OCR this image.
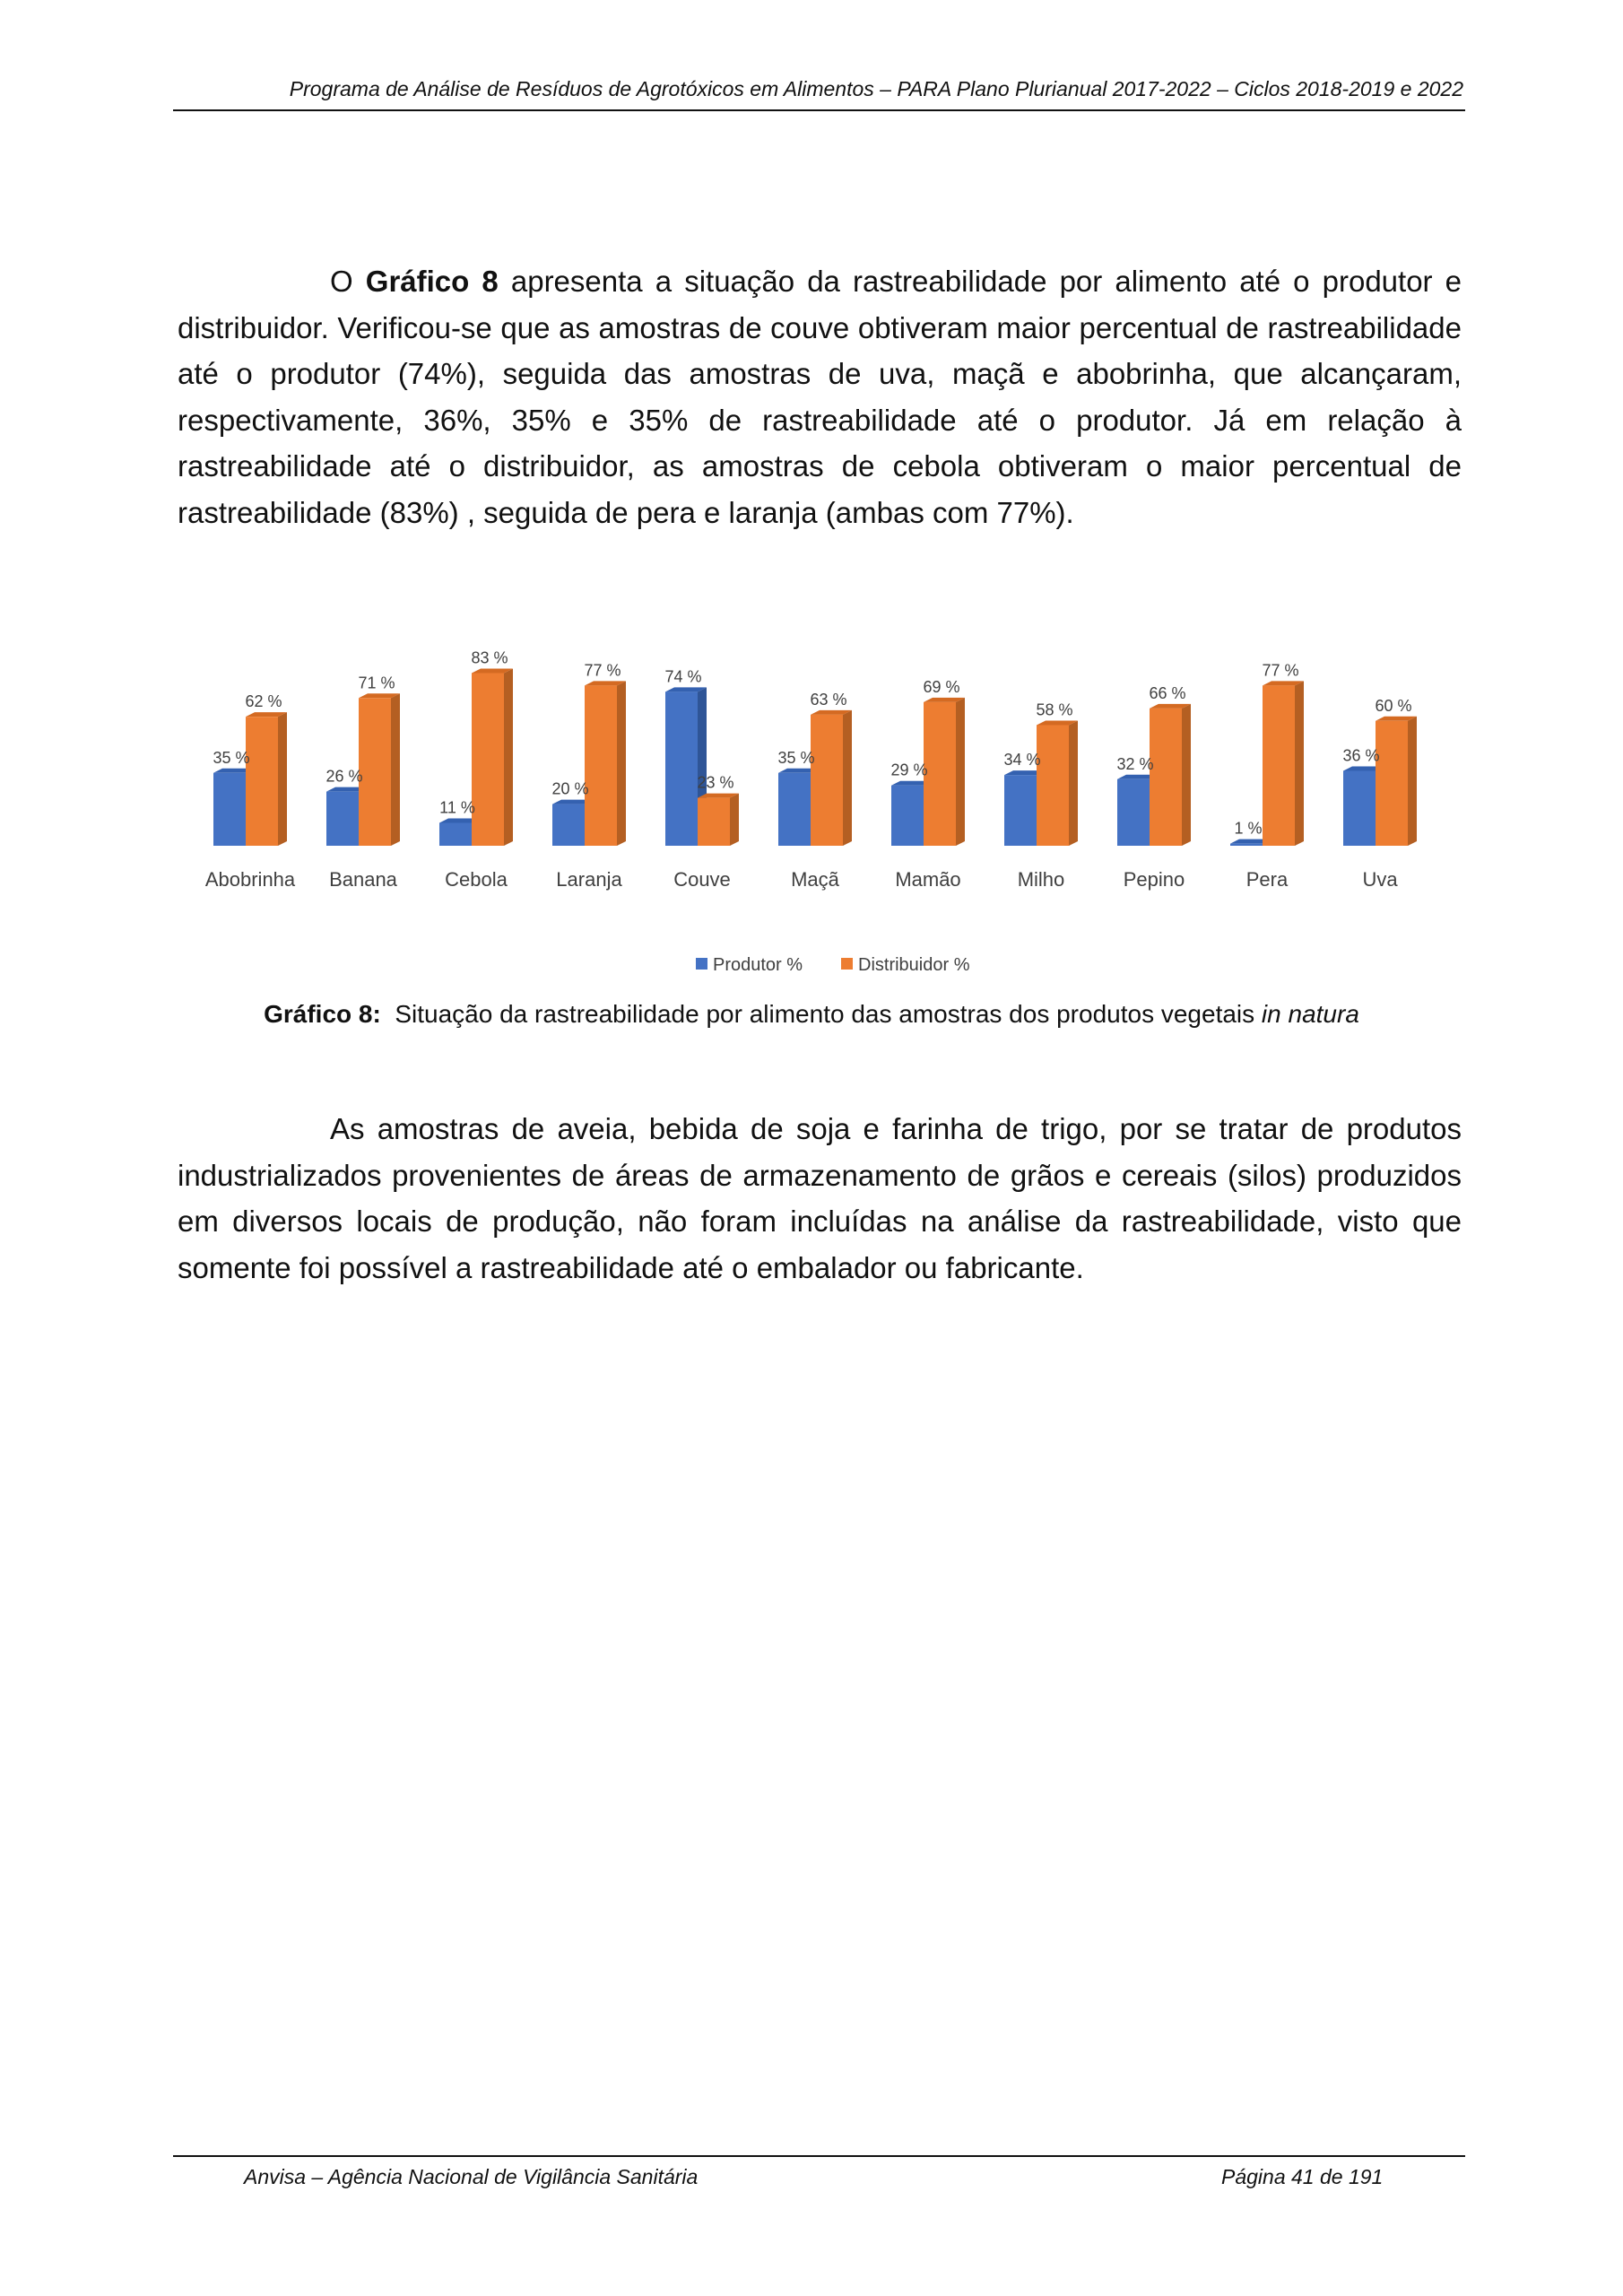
Programa de Análise de Resíduos de Agrotóxicos em Alimentos – PARA Plano Plurianual 2017-2022 – Ciclos 2018-2019 e 2022

O Gráfico 8 apresenta a situação da rastreabilidade por alimento até o produtor e distribuidor. Verificou-se que as amostras de couve obtiveram maior percentual de rastreabilidade até o produtor (74%), seguida das amostras de uva, maçã e abobrinha, que alcançaram, respectivamente, 36%, 35% e 35% de rastreabilidade até o produtor. Já em relação à rastreabilidade até o distribuidor, as amostras de cebola obtiveram o maior percentual de rastreabilidade (83%) , seguida de pera e laranja (ambas com 77%).

35 %
62 %
Abobrinha
26 %
71 %
Banana
11 %
83 %
Cebola
20 %
77 %
Laranja
74 %
23 %
Couve
35 %
63 %
Maçã
29 %
69 %
Mamão
34 %
58 %
Milho
32 %
66 %
Pepino
1 %
77 %
Pera
36 %
60 %
Uva
Produtor %	Distribuidor %
Gráfico 8:  Situação da rastreabilidade por alimento das amostras dos produtos vegetais in natura

As amostras de aveia, bebida de soja e farinha de trigo, por se tratar de produtos industrializados provenientes de áreas de armazenamento de grãos e cereais (silos) produzidos em diversos locais de produção, não foram incluídas na análise da rastreabilidade, visto que somente foi possível a rastreabilidade até o embalador ou fabricante.

Anvisa – Agência Nacional de Vigilância Sanitária	Página 41 de 191
